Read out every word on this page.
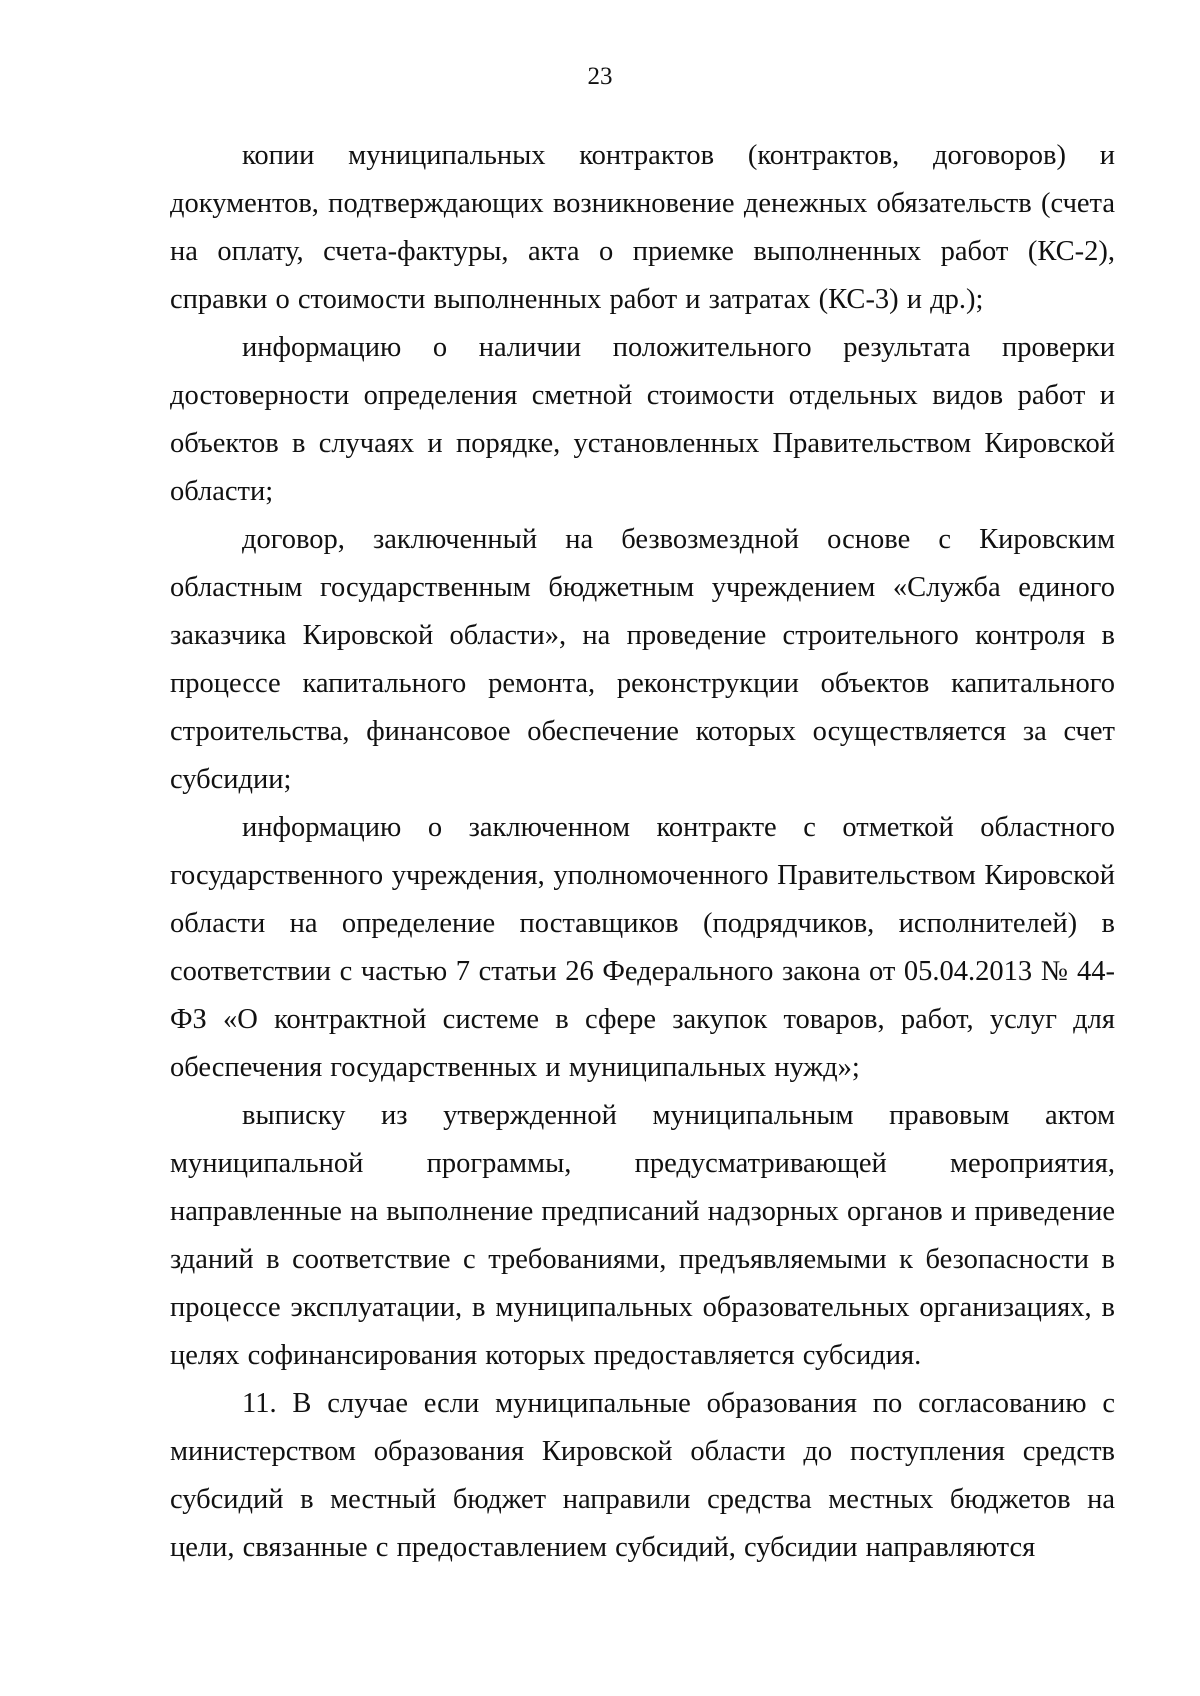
23

копии муниципальных контрактов (контрактов, договоров) и документов, подтверждающих возникновение денежных обязательств (счета на оплату, счета-фактуры, акта о приемке выполненных работ (КС-2), справки о стоимости выполненных работ и затратах (КС-3) и др.);

информацию о наличии положительного результата проверки достоверности определения сметной стоимости отдельных видов работ и объектов в случаях и порядке, установленных Правительством Кировской области;

договор, заключенный на безвозмездной основе с Кировским областным государственным бюджетным учреждением «Служба единого заказчика Кировской области», на проведение строительного контроля в процессе капитального ремонта, реконструкции объектов капитального строительства, финансовое обеспечение которых осуществляется за счет субсидии;

информацию о заключенном контракте с отметкой областного государственного учреждения, уполномоченного Правительством Кировской области на определение поставщиков (подрядчиков, исполнителей) в соответствии с частью 7 статьи 26 Федерального закона от 05.04.2013 № 44-ФЗ «О контрактной системе в сфере закупок товаров, работ, услуг для обеспечения государственных и муниципальных нужд»;

выписку из утвержденной муниципальным правовым актом муниципальной программы, предусматривающей мероприятия, направленные на выполнение предписаний надзорных органов и приведение зданий в соответствие с требованиями, предъявляемыми к безопасности в процессе эксплуатации, в муниципальных образовательных организациях, в целях софинансирования которых предоставляется субсидия.

11. В случае если муниципальные образования по согласованию с министерством образования Кировской области до поступления средств субсидий в местный бюджет направили средства местных бюджетов на цели, связанные с предоставлением субсидий, субсидии направляются
